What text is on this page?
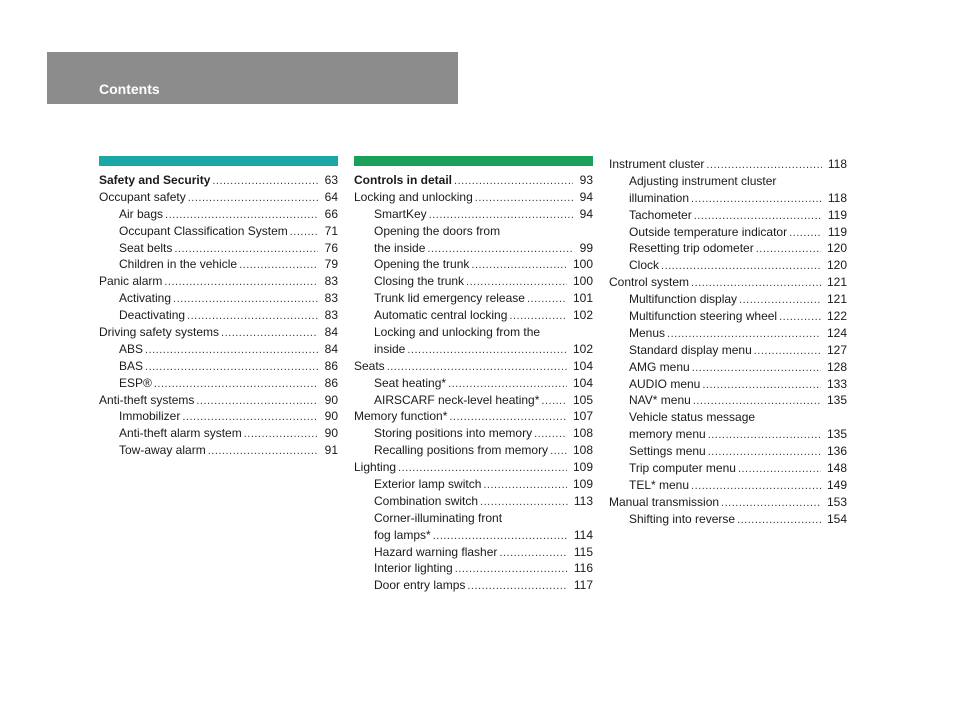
Contents
Safety and Security .....	63
Occupant safety .....	64
Air bags .....	66
Occupant Classification System .....	71
Seat belts .....	76
Children in the vehicle .....	79
Panic alarm .....	83
Activating .....	83
Deactivating .....	83
Driving safety systems .....	84
ABS .....	84
BAS .....	86
ESP® .....	86
Anti-theft systems .....	90
Immobilizer .....	90
Anti-theft alarm system .....	90
Tow-away alarm .....	91
Controls in detail .....	93
Locking and unlocking .....	94
SmartKey .....	94
Opening the doors from
the inside .....	99
Opening the trunk .....	100
Closing the trunk .....	100
Trunk lid emergency release .....	101
Automatic central locking .....	102
Locking and unlocking from the
inside .....	102
Seats .....	104
Seat heating* .....	104
AIRSCARF neck-level heating* .....	105
Memory function* .....	107
Storing positions into memory .....	108
Recalling positions from memory ..... 108
Lighting .....	109
Exterior lamp switch .....	109
Combination switch .....	113
Corner-illuminating front
fog lamps* .....	114
Hazard warning flasher .....	115
Interior lighting .....	116
Door entry lamps .....	117
Instrument cluster .....	118
Adjusting instrument cluster
illumination .....	118
Tachometer .....	119
Outside temperature indicator .....	119
Resetting trip odometer .....	120
Clock .....	120
Control system .....	121
Multifunction display .....	121
Multifunction steering wheel .....	122
Menus .....	124
Standard display menu .....	127
AMG menu .....	128
AUDIO menu .....	133
NAV* menu .....	135
Vehicle status message
memory menu .....	135
Settings menu .....	136
Trip computer menu .....	148
TEL* menu .....	149
Manual transmission .....	153
Shifting into reverse .....	154
